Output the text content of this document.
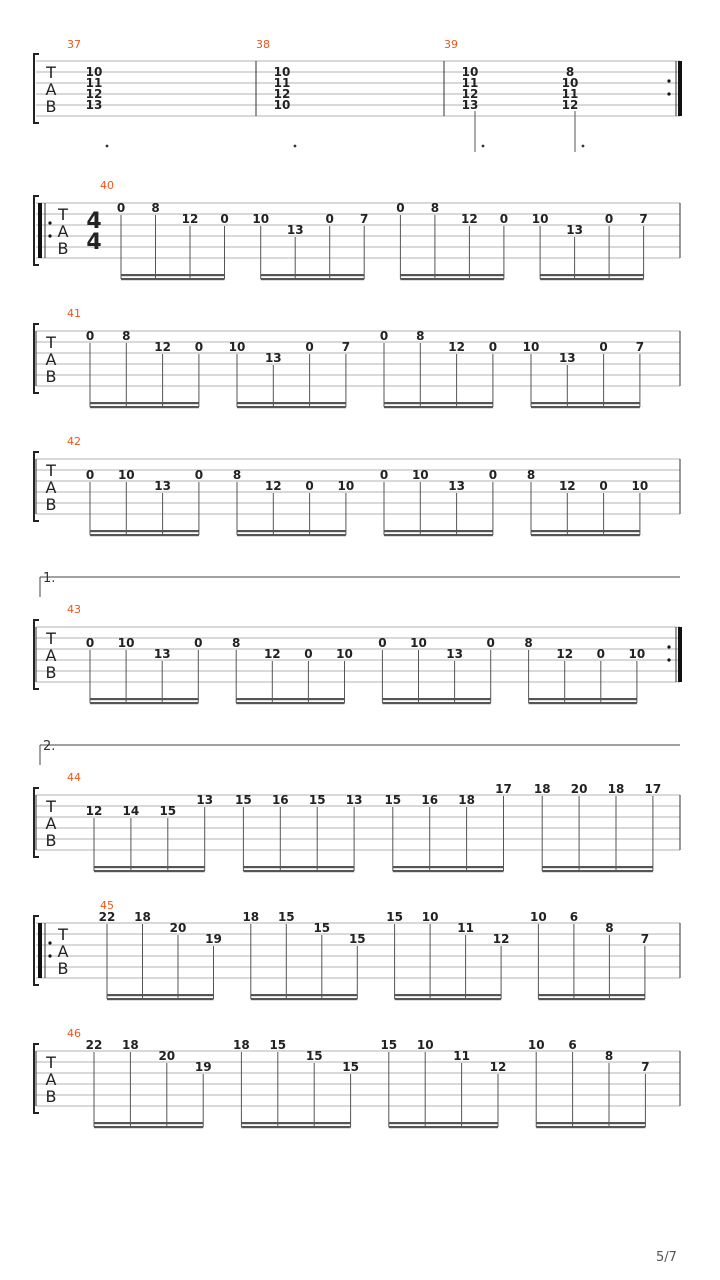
T
A
B
37	38	39
10
11
12
13
10
11
12
10
10
11
12
13
8
10
11
12
T
A
B
4
4
40
0 8
12 0 10
13
0 7
0 8
12 0 10
13
0 7
T
A
B
41
0 8
12 0 10
13
0 7
0 8
12 0 10
13
0 7
T
A
B
42
0 10
13
0 8
12 0 10
0 10
13
0 8
12 0 10
1.
T
A
B
43
0 10
13
0 8
12 0 10
0 10
13
0 8
12 0 10
2.
T
A
B
44
12 14 15
13 15 16 15 13 15 16 18
17 18 20 18 17
T
A
B
45
22 18
20
19
18 15
15
15
15 10
11
12
10 6
8
7
T
A
B
46
22 18
20
19
18 15
15
15
15 10
11
12
10 6
8
7
5/7
